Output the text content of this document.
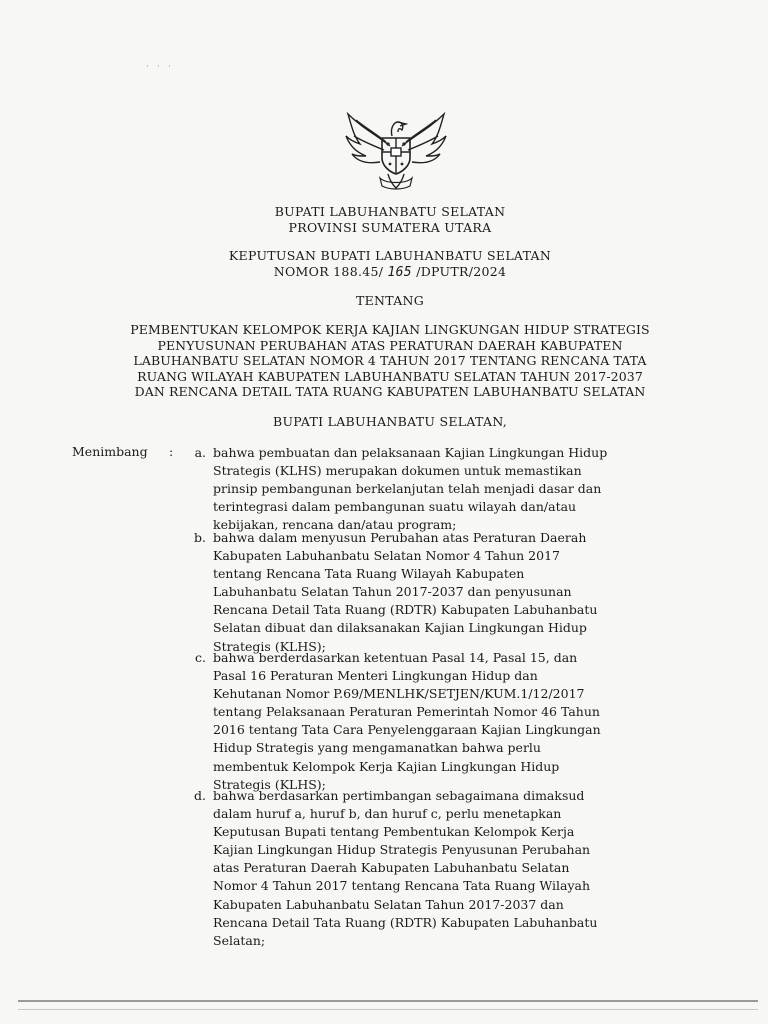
· · ·
BUPATI LABUHANBATU SELATAN
PROVINSI SUMATERA UTARA
KEPUTUSAN BUPATI LABUHANBATU SELATAN
NOMOR 188.45/ 165 /DPUTR/2024
TENTANG
PEMBENTUKAN KELOMPOK KERJA KAJIAN LINGKUNGAN HIDUP STRATEGIS
PENYUSUNAN PERUBAHAN ATAS PERATURAN DAERAH KABUPATEN
LABUHANBATU SELATAN NOMOR 4 TAHUN 2017 TENTANG RENCANA TATA
RUANG WILAYAH KABUPATEN LABUHANBATU SELATAN TAHUN 2017-2037
DAN RENCANA DETAIL TATA RUANG KABUPATEN LABUHANBATU SELATAN
BUPATI LABUHANBATU SELATAN,
Menimbang :	a. bahwa pembuatan dan pelaksanaan Kajian Lingkungan Hidup

Strategis (KLHS) merupakan dokumen untuk memastikan

prinsip pembangunan berkelanjutan telah menjadi dasar dan

terintegrasi dalam pembangunan suatu wilayah dan/atau

kebijakan, rencana dan/atau program;

b. bahwa dalam menyusun Perubahan atas Peraturan Daerah

Kabupaten Labuhanbatu Selatan Nomor 4 Tahun 2017

tentang Rencana Tata Ruang Wilayah Kabupaten

Labuhanbatu Selatan Tahun 2017-2037 dan penyusunan

Rencana Detail Tata Ruang (RDTR) Kabupaten Labuhanbatu

Selatan dibuat dan dilaksanakan Kajian Lingkungan Hidup

Strategis (KLHS);

c. bahwa berderdasarkan ketentuan Pasal 14, Pasal 15, dan

Pasal 16 Peraturan Menteri Lingkungan Hidup dan

Kehutanan Nomor P.69/MENLHK/SETJEN/KUM.1/12/2017

tentang Pelaksanaan Peraturan Pemerintah Nomor 46 Tahun

2016 tentang Tata Cara Penyelenggaraan Kajian Lingkungan

Hidup Strategis yang mengamanatkan bahwa perlu

membentuk Kelompok Kerja Kajian Lingkungan Hidup

Strategis (KLHS);

d. bahwa berdasarkan pertimbangan sebagaimana dimaksud

dalam huruf a, huruf b, dan huruf c, perlu menetapkan

Keputusan Bupati tentang Pembentukan Kelompok Kerja

Kajian Lingkungan Hidup Strategis Penyusunan Perubahan

atas Peraturan Daerah Kabupaten Labuhanbatu Selatan

Nomor 4 Tahun 2017 tentang Rencana Tata Ruang Wilayah

Kabupaten Labuhanbatu Selatan Tahun 2017-2037 dan

Rencana Detail Tata Ruang (RDTR) Kabupaten Labuhanbatu

Selatan;
